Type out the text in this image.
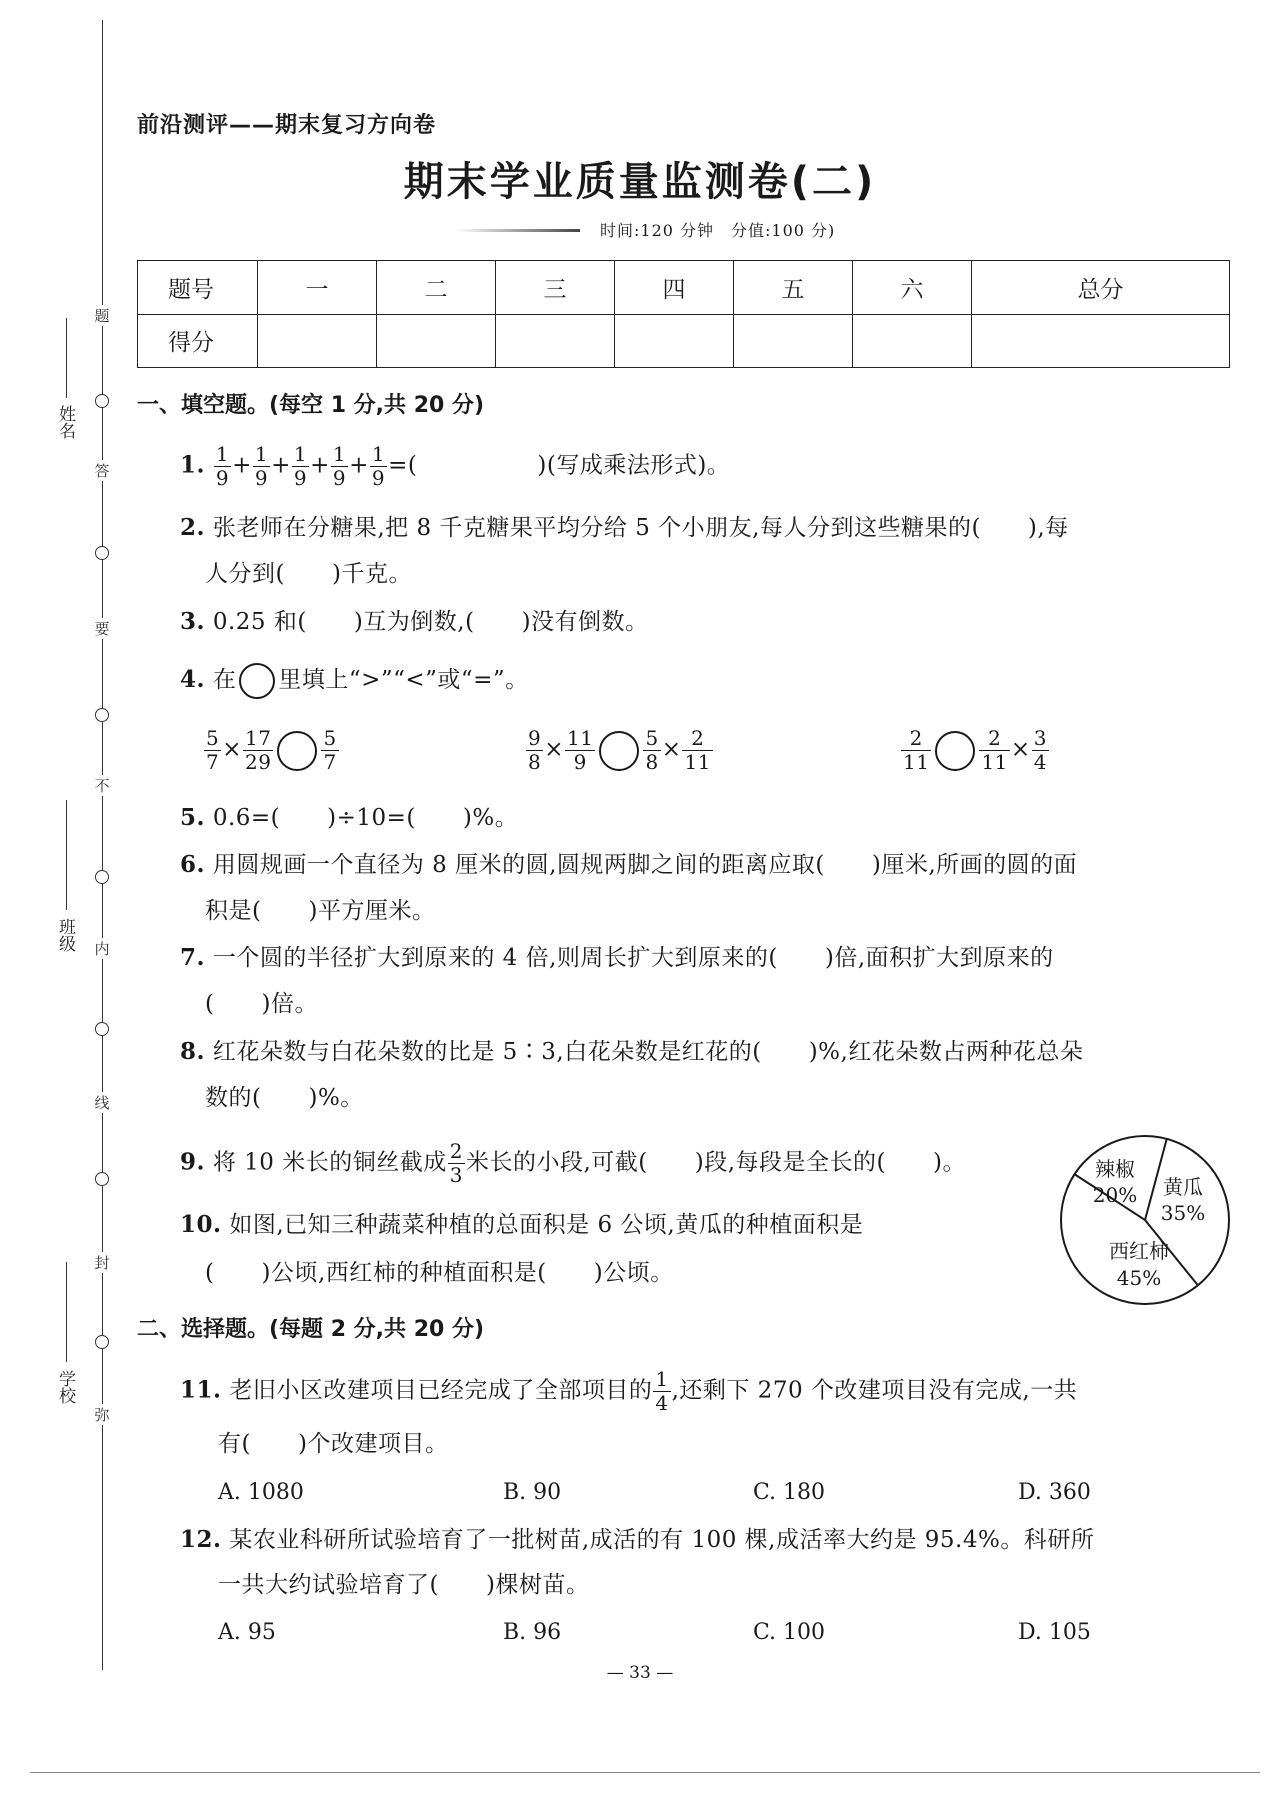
题
答
要
不
内
线
封
弥
姓名
班级
学校
前沿测评——期末复习方向卷
期末学业质量监测卷(二)
时间:120 分钟　分值:100 分)
题号	一	二	三	四	五	六	总分
得分							
一、填空题。(每空 1 分,共 20 分)
1. $\frac{1}{9} + \frac{1}{9} + \frac{1}{9} + \frac{1}{9} + \frac{1}{9}$ =(	)(写成乘法形式)。
2. 张老师在分糖果,把 8 千克糖果平均分给 5 个小朋友,每人分到这些糖果的(　　),每
人分到(　　)千克。
3. 0.25 和(　　)互为倒数,(　　)没有倒数。
4. 在 里填上“>”“<”或“=”。
$\frac{5}{7} \times \frac{17}{29} \frac{5}{7}$	$\frac{9}{8} \times \frac{11}{9} \frac{5}{8} \times \frac{2}{11}$	$\frac{2}{11} \frac{2}{11} \times \frac{3}{4}$
5. 0.6=(　　)÷10=(　　)%。
6. 用圆规画一个直径为 8 厘米的圆,圆规两脚之间的距离应取(　　)厘米,所画的圆的面
积是(　　)平方厘米。
7. 一个圆的半径扩大到原来的 4 倍,则周长扩大到原来的(　　)倍,面积扩大到原来的
(　　)倍。
8. 红花朵数与白花朵数的比是 5∶3,白花朵数是红花的(　　)%,红花朵数占两种花总朵
数的(　　)%。
9. 将 10 米长的铜丝截成 $\frac{2}{3}$ 米长的小段,可截(　　)段,每段是全长的(　　)。
10. 如图,已知三种蔬菜种植的总面积是 6 公顷,黄瓜的种植面积是
(　　)公顷,西红柿的种植面积是(　　)公顷。
辣椒
20% 黄瓜
35%
西红柿
45%
二、选择题。(每题 2 分,共 20 分)
11. 老旧小区改建项目已经完成了全部项目的 $\frac{1}{4}$ ,还剩下 270 个改建项目没有完成,一共
有(　　)个改建项目。
A. 1080	B. 90	C. 180	D. 360
12. 某农业科研所试验培育了一批树苗,成活的有 100 棵,成活率大约是 95.4%。科研所
一共大约试验培育了(　　)棵树苗。
A. 95	B. 96	C. 100	D. 105
— 33 —
